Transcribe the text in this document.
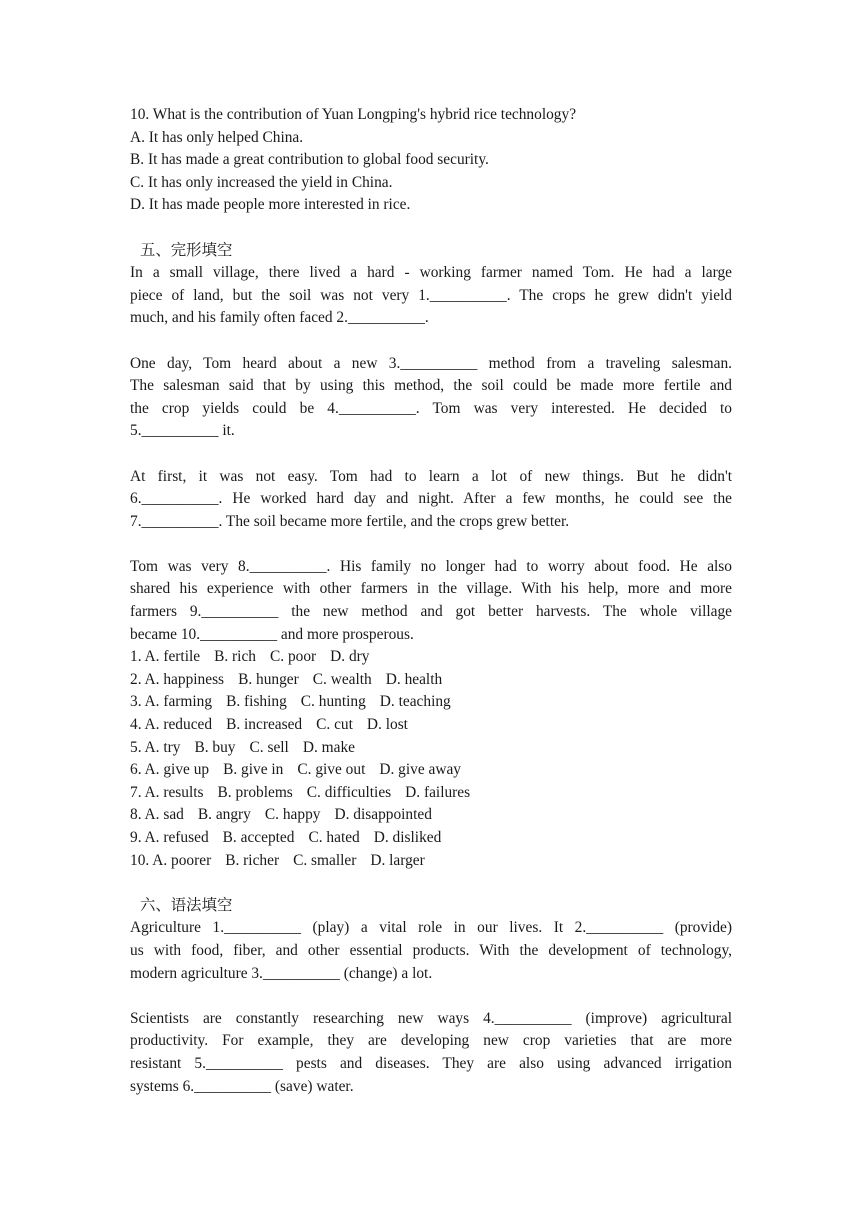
10. What is the contribution of Yuan Longping's hybrid rice technology?
A. It has only helped China.
B. It has made a great contribution to global food security.
C. It has only increased the yield in China.
D. It has made people more interested in rice.
五、完形填空
In a small village, there lived a hard - working farmer named Tom. He had a large
piece of land, but the soil was not very 1.__________. The crops he grew didn't yield
much, and his family often faced 2.__________.
One day, Tom heard about a new 3.__________ method from a traveling salesman.
The salesman said that by using this method, the soil could be made more fertile and
the crop yields could be 4.__________. Tom was very interested. He decided to
5.__________ it.
At first, it was not easy. Tom had to learn a lot of new things. But he didn't
6.__________. He worked hard day and night. After a few months, he could see the
7.__________. The soil became more fertile, and the crops grew better.
Tom was very 8.__________. His family no longer had to worry about food. He also
shared his experience with other farmers in the village. With his help, more and more
farmers 9.__________ the new method and got better harvests. The whole village
became 10.__________ and more prosperous.
1. A. fertile B. rich C. poor D. dry
2. A. happiness B. hunger C. wealth D. health
3. A. farming B. fishing C. hunting D. teaching
4. A. reduced B. increased C. cut D. lost
5. A. try B. buy C. sell D. make
6. A. give up B. give in C. give out D. give away
7. A. results B. problems C. difficulties D. failures
8. A. sad B. angry C. happy D. disappointed
9. A. refused B. accepted C. hated D. disliked
10. A. poorer B. richer C. smaller D. larger
六、语法填空
Agriculture 1.__________ (play) a vital role in our lives. It 2.__________ (provide)
us with food, fiber, and other essential products. With the development of technology,
modern agriculture 3.__________ (change) a lot.
Scientists are constantly researching new ways 4.__________ (improve) agricultural
productivity. For example, they are developing new crop varieties that are more
resistant 5.__________ pests and diseases. They are also using advanced irrigation
systems 6.__________ (save) water.
